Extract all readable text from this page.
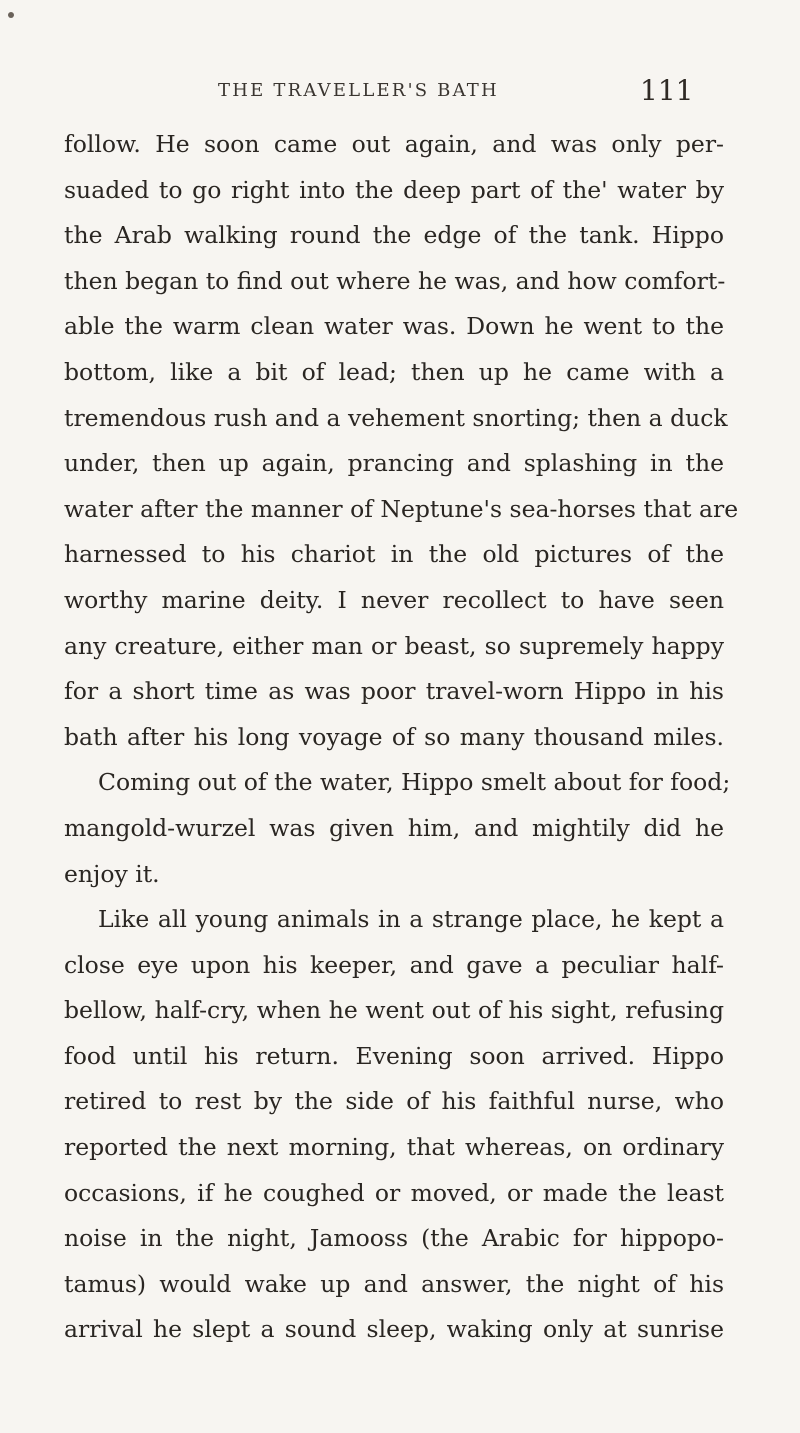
THE TRAVELLER'S BATH	111
follow. He soon came out again, and was only per-
suaded to go right into the deep part of the' water by
the Arab walking round the edge of the tank. Hippo
then began to find out where he was, and how comfort-
able the warm clean water was. Down he went to the
bottom, like a bit of lead; then up he came with a
tremendous rush and a vehement snorting; then a duck
under, then up again, prancing and splashing in the
water after the manner of Neptune's sea-horses that are
harnessed to his chariot in the old pictures of the
worthy marine deity. I never recollect to have seen
any creature, either man or beast, so supremely happy
for a short time as was poor travel-worn Hippo in his
bath after his long voyage of so many thousand miles.
Coming out of the water, Hippo smelt about for food;
mangold-wurzel was given him, and mightily did he
enjoy it.
Like all young animals in a strange place, he kept a
close eye upon his keeper, and gave a peculiar half-
bellow, half-cry, when he went out of his sight, refusing
food until his return. Evening soon arrived. Hippo
retired to rest by the side of his faithful nurse, who
reported the next morning, that whereas, on ordinary
occasions, if he coughed or moved, or made the least
noise in the night, Jamooss (the Arabic for hippopo-
tamus) would wake up and answer, the night of his
arrival he slept a sound sleep, waking only at sunrise
